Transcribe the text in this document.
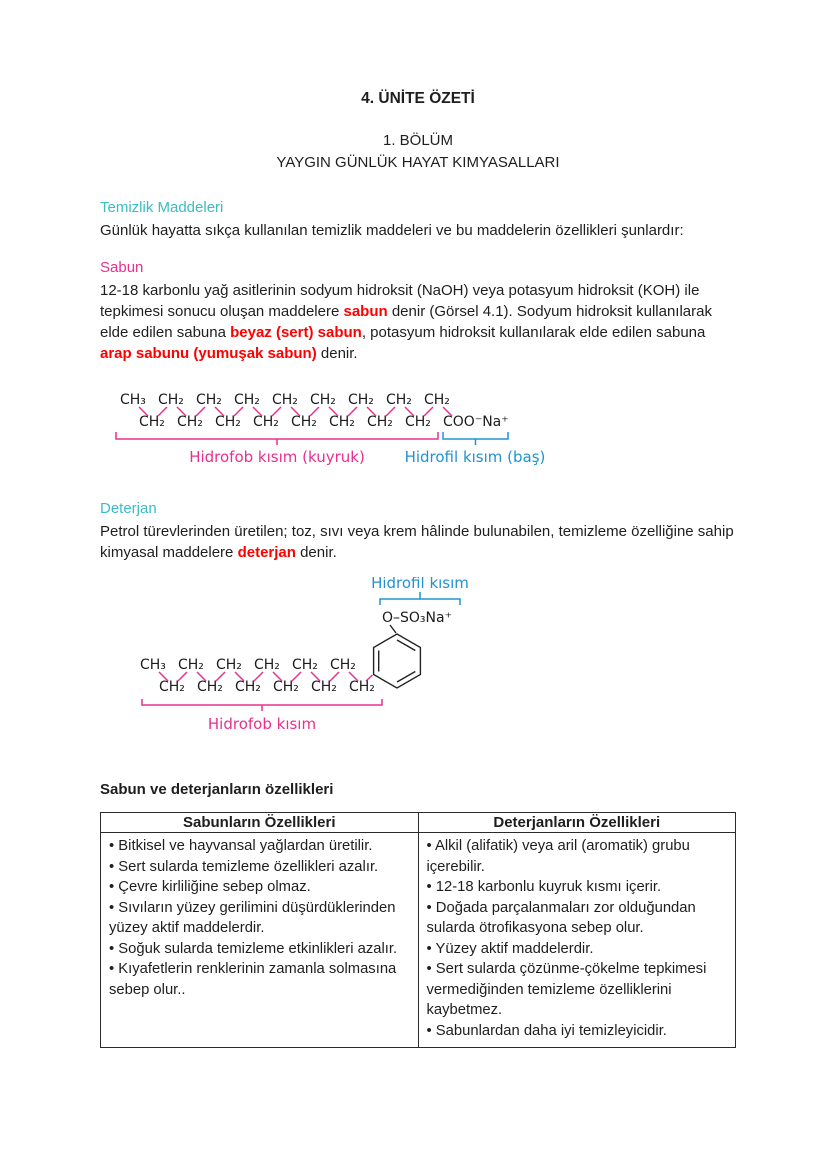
4. ÜNİTE ÖZETİ
1. BÖLÜM
YAYGIN GÜNLÜK HAYAT KIMYASALLARI
Temizlik Maddeleri

Günlük hayatta sıkça kullanılan temizlik maddeleri ve bu maddelerin özellikleri şunlardır:

Sabun

12-18 karbonlu yağ asitlerinin sodyum hidroksit (NaOH) veya potasyum hidroksit (KOH) ile tepkimesi sonucu oluşan maddelere sabun denir (Görsel 4.1). Sodyum hidroksit kullanılarak elde edilen sabuna beyaz (sert) sabun, potasyum hidroksit kullanılarak elde edilen sabuna arap sabunu (yumuşak sabun) denir.

Hidrofob kısım (kuyruk)	Hidrofil kısım (baş)
CH₃ CH₂ CH₂ CH₂ CH₂ CH₂ CH₂ CH₂ CH₂
CH₂ CH₂ CH₂ CH₂ CH₂ CH₂ CH₂ CH₂ COO⁻Na⁺
Deterjan

Petrol türevlerinden üretilen; toz, sıvı veya krem hâlinde bulunabilen, temizleme özelliğine sahip kimyasal maddelere deterjan denir.

Hidrofil kısım
O–SO₃Na⁺
Hidrofob kısım
CH₃ CH₂ CH₂ CH₂ CH₂ CH₂
CH₂ CH₂ CH₂ CH₂ CH₂ CH₂
Sabun ve deterjanların özellikleri
Sabunların Özellikleri	Deterjanların Özellikleri

• Bitkisel ve hayvansal yağlardan üretilir.
• Sert sularda temizleme özellikleri azalır.
• Çevre kirliliğine sebep olmaz.
• Sıvıların yüzey gerilimini düşürdüklerinden yüzey aktif maddelerdir.
• Soğuk sularda temizleme etkinlikleri azalır.
• Kıyafetlerin renklerinin zamanla solmasına sebep olur..

• Alkil (alifatik) veya aril (aromatik) grubu içerebilir.
• 12-18 karbonlu kuyruk kısmı içerir.
• Doğada parçalanmaları zor olduğundan sularda ötrofikasyona sebep olur.
• Yüzey aktif maddelerdir.
• Sert sularda çözünme-çökelme tepkimesi vermediğinden temizleme özelliklerini kaybetmez.
• Sabunlardan daha iyi temizleyicidir.
